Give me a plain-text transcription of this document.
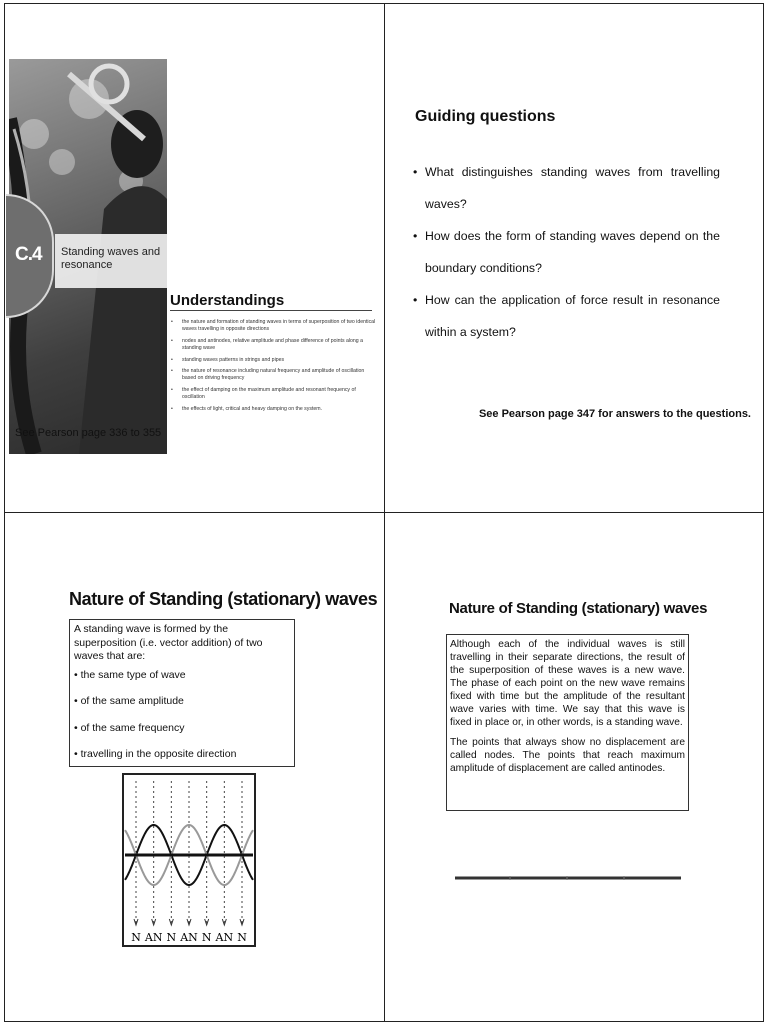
C.4 Standing waves and resonance
Understandings
• the nature and formation of standing waves in terms of superposition of two identical waves travelling in opposite directions
• nodes and antinodes, relative amplitude and phase difference of points along a standing wave
• standing waves patterns in strings and pipes
• the nature of resonance including natural frequency and amplitude of oscillation based on driving frequency
• the effect of damping on the maximum amplitude and resonant frequency of oscillation
• the effects of light, critical and heavy damping on the system.
See Pearson page 336 to 355
Guiding questions
• What distinguishes standing waves from travelling waves?
• How does the form of standing waves depend on the boundary conditions?
• How can the application of force result in resonance within a system?
See Pearson page 347 for answers to the questions.
Nature of Standing (stationary) waves

A standing wave is formed by the superposition (i.e. vector addition) of two waves that are:

• the same type of wave

• of the same amplitude

• of the same frequency

• travelling in the opposite direction

N AN N AN N AN N
Nature of Standing (stationary) waves

Although each of the individual waves is still travelling in their separate directions, the result of the superposition of these waves is a new wave. The phase of each point on the new wave remains fixed with time but the amplitude of the resultant wave varies with time. We say that this wave is fixed in place or, in other words, is a standing wave.

The points that always show no displacement are called nodes. The points that reach maximum amplitude of displacement are called antinodes.
